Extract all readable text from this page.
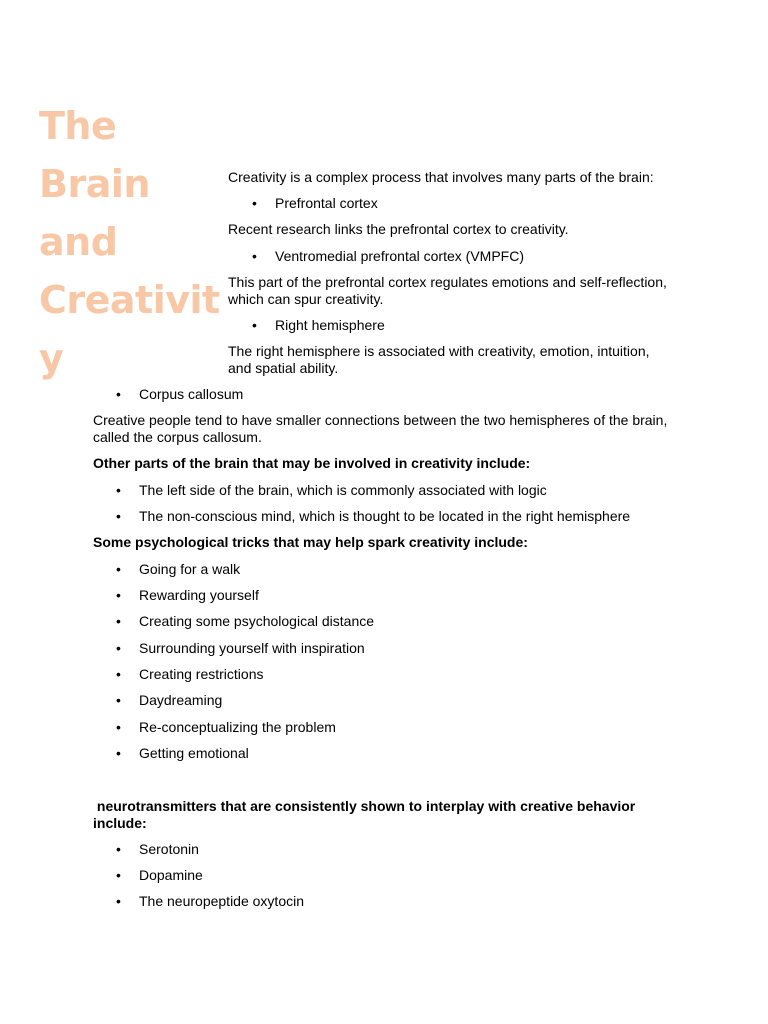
The
Brain
and
Creativit
y

Creativity is a complex process that involves many parts of the brain:

• Prefrontal cortex

Recent research links the prefrontal cortex to creativity.

• Ventromedial prefrontal cortex (VMPFC)

This part of the prefrontal cortex regulates emotions and self-reflection,
which can spur creativity.

• Right hemisphere

The right hemisphere is associated with creativity, emotion, intuition,
and spatial ability.

• Corpus callosum

Creative people tend to have smaller connections between the two hemispheres of the brain,
called the corpus callosum.

Other parts of the brain that may be involved in creativity include:

• The left side of the brain, which is commonly associated with logic
• The non-conscious mind, which is thought to be located in the right hemisphere

Some psychological tricks that may help spark creativity include:

• Going for a walk
• Rewarding yourself
• Creating some psychological distance
• Surrounding yourself with inspiration
• Creating restrictions
• Daydreaming
• Re-conceptualizing the problem
• Getting emotional

neurotransmitters that are consistently shown to interplay with creative behavior
include:

• Serotonin
• Dopamine
• The neuropeptide oxytocin
